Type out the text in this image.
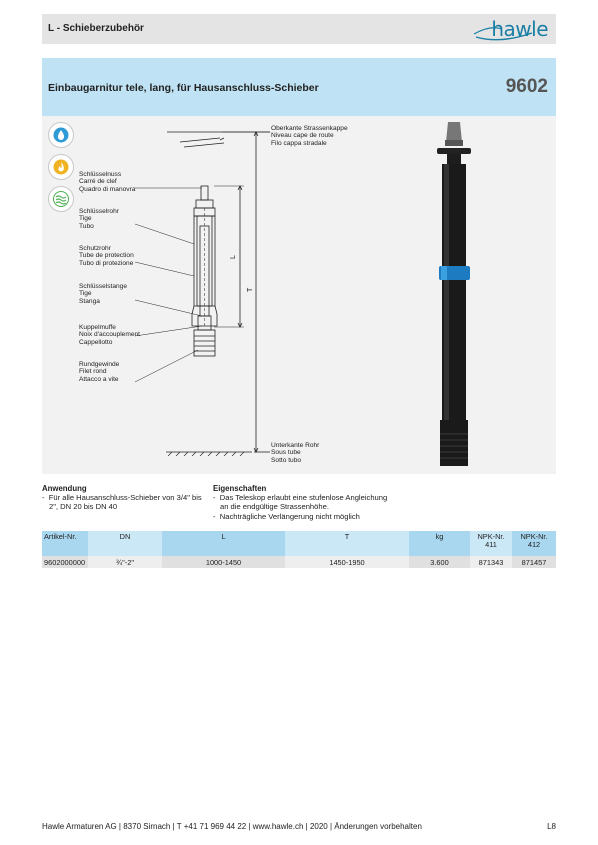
L - Schieberzubehör	hawle
Einbaugarnitur tele, lang, für Hausanschluss-Schieber	9602
L
T
Schlüsselnuss
Carré de clef
Quadro di manovra
Schlüsselrohr
Tige
Tubo
Schutzrohr
Tube de protection
Tubo di protezione
Schlüsselstange
Tige
Stanga
Kuppelmuffe
Noix d'accouplement
Cappellotto
Rundgewinde
Filet rond
Attacco a vite
Oberkante Strassenkappe
Niveau cape de route
Filo cappa stradale
Unterkante Rohr
Sous tube
Sotto tubo
Anwendung
-  Für alle Hausanschluss-Schieber von 3/4" bis 2", DN 20 bis DN 40
Eigenschaften
-  Das Teleskop erlaubt eine stufenlose Angleichung an die endgültige Strassenhöhe.
-  Nachträgliche Verlängerung nicht möglich
Artikel-Nr.	DN	L	T	kg	NPK-Nr. 411	NPK-Nr. 412
9602000000	¾"-2"	1000-1450	1450-1950	3.600	871343	871457
Hawle Armaturen AG | 8370 Sirnach | T +41 71 969 44 22 | www.hawle.ch | 2020 | Änderungen vorbehalten	L8
